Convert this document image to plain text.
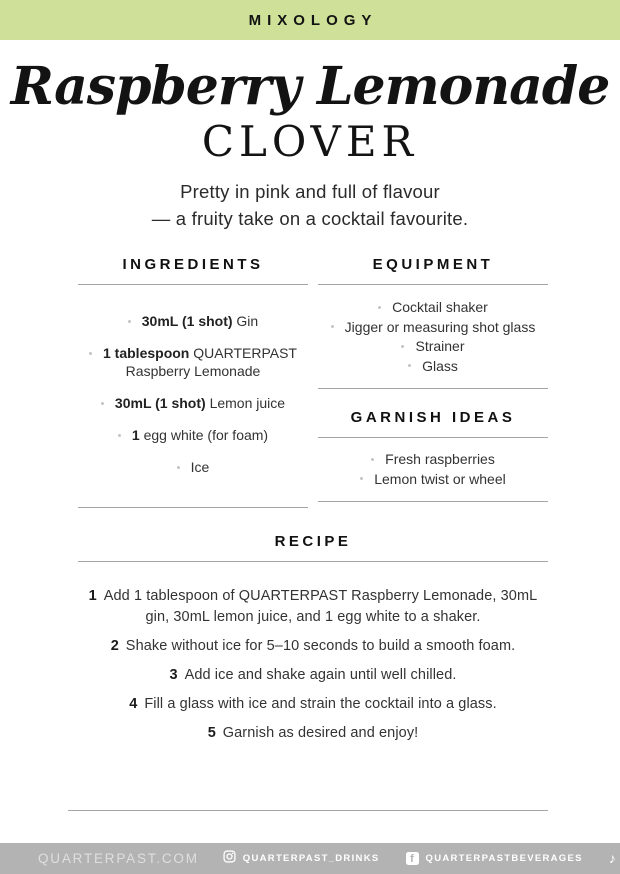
MIXOLOGY
Raspberry Lemonade
CLOVER
Pretty in pink and full of flavour
— a fruity take on a cocktail favourite.
INGREDIENTS
30mL (1 shot) Gin
1 tablespoon QUARTERPAST Raspberry Lemonade
30mL (1 shot) Lemon juice
1 egg white (for foam)
Ice
EQUIPMENT
Cocktail shaker
Jigger or measuring shot glass
Strainer
Glass
GARNISH IDEAS
Fresh raspberries
Lemon twist or wheel
RECIPE
1 Add 1 tablespoon of QUARTERPAST Raspberry Lemonade, 30mL gin, 30mL lemon juice, and 1 egg white to a shaker.
2 Shake without ice for 5–10 seconds to build a smooth foam.
3 Add ice and shake again until well chilled.
4 Fill a glass with ice and strain the cocktail into a glass.
5 Garnish as desired and enjoy!
QUARTERPAST.COM	QUARTERPAST_DRINKS	f	QUARTERPASTBEVERAGES ♪
